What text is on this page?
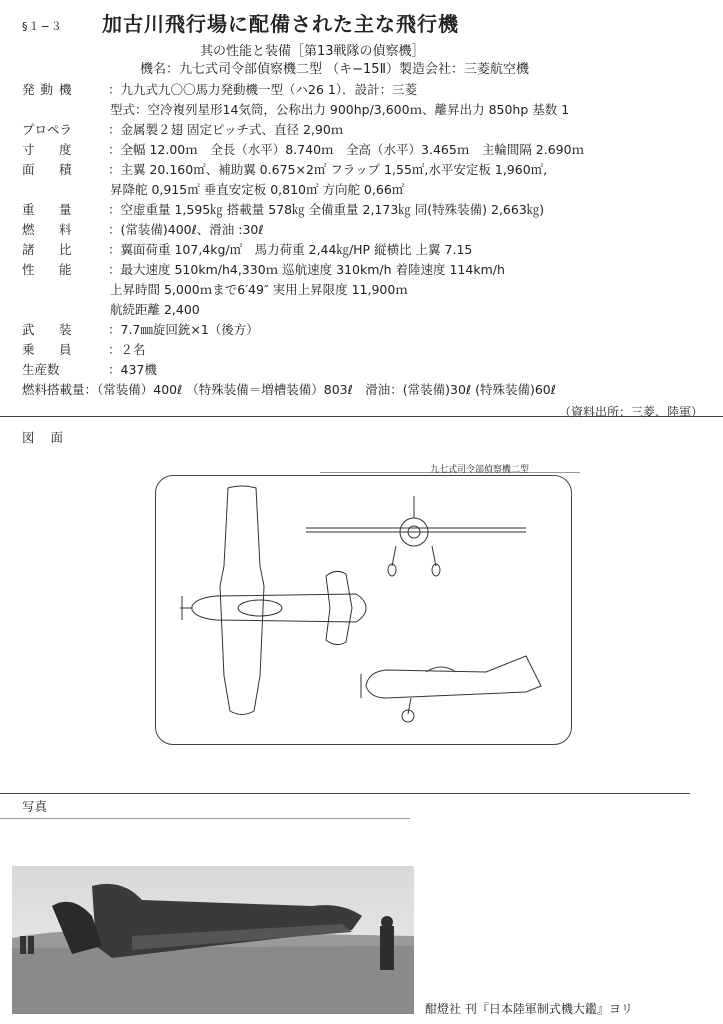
§１−３ 加古川飛行場に配備された主な飛行機
其の性能と装備［第13戦隊の偵察機］
機名：九七式司令部偵察機二型 （キ−15Ⅱ）製造会社：三菱航空機
発動機	：九九式九〇〇馬力発動機一型（ハ26 1）．設計：三菱
型式：空冷複列星形14気筒，公称出力 900hp/3,600ｍ、離昇出力 850hp 基数 1
プロペラ	：金属製２翅 固定ピッチ式、直径 2,90ｍ
寸　度	：全幅 12.00ｍ　全長（水平）8.740ｍ　全高（水平）3.465ｍ　主輪間隔 2.690ｍ
面　積	：主翼 20.160㎡、補助翼 0.675×2㎡ フラップ 1,55㎡,水平安定板 1,960㎡,
昇降舵 0,915㎡ 垂直安定板 0,810㎡ 方向舵 0,66㎡
重　量	：空虚重量 1,595㎏ 搭載量 578㎏ 全備重量 2,173㎏ 同(特殊装備) 2,663㎏)
燃　料	：(常装備)400ℓ、滑油 :30ℓ
諸　比	：翼面荷重 107,4kg/㎡　馬力荷重 2,44㎏/HP 縦横比 上翼 7.15
性　能	：最大速度 510km/h4,330ｍ 巡航速度 310km/h 着陸速度 114km/h
上昇時間 5,000ｍまで6′49″ 実用上昇限度 11,900ｍ
航続距離 2,400
武　装	：7.7㎜旋回銃×1（後方）
乗　員	：２名
生産数	：437機
燃料搭載量 ：（常装備）400ℓ （特殊装備＝増槽装備）803ℓ　滑油：(常装備)30ℓ (特殊装備)60ℓ
（資料出所：三菱、陸軍）
図 面
九七式司令部偵察機二型
写真
酣燈社 刊『日本陸軍制式機大鑑』ヨリ
